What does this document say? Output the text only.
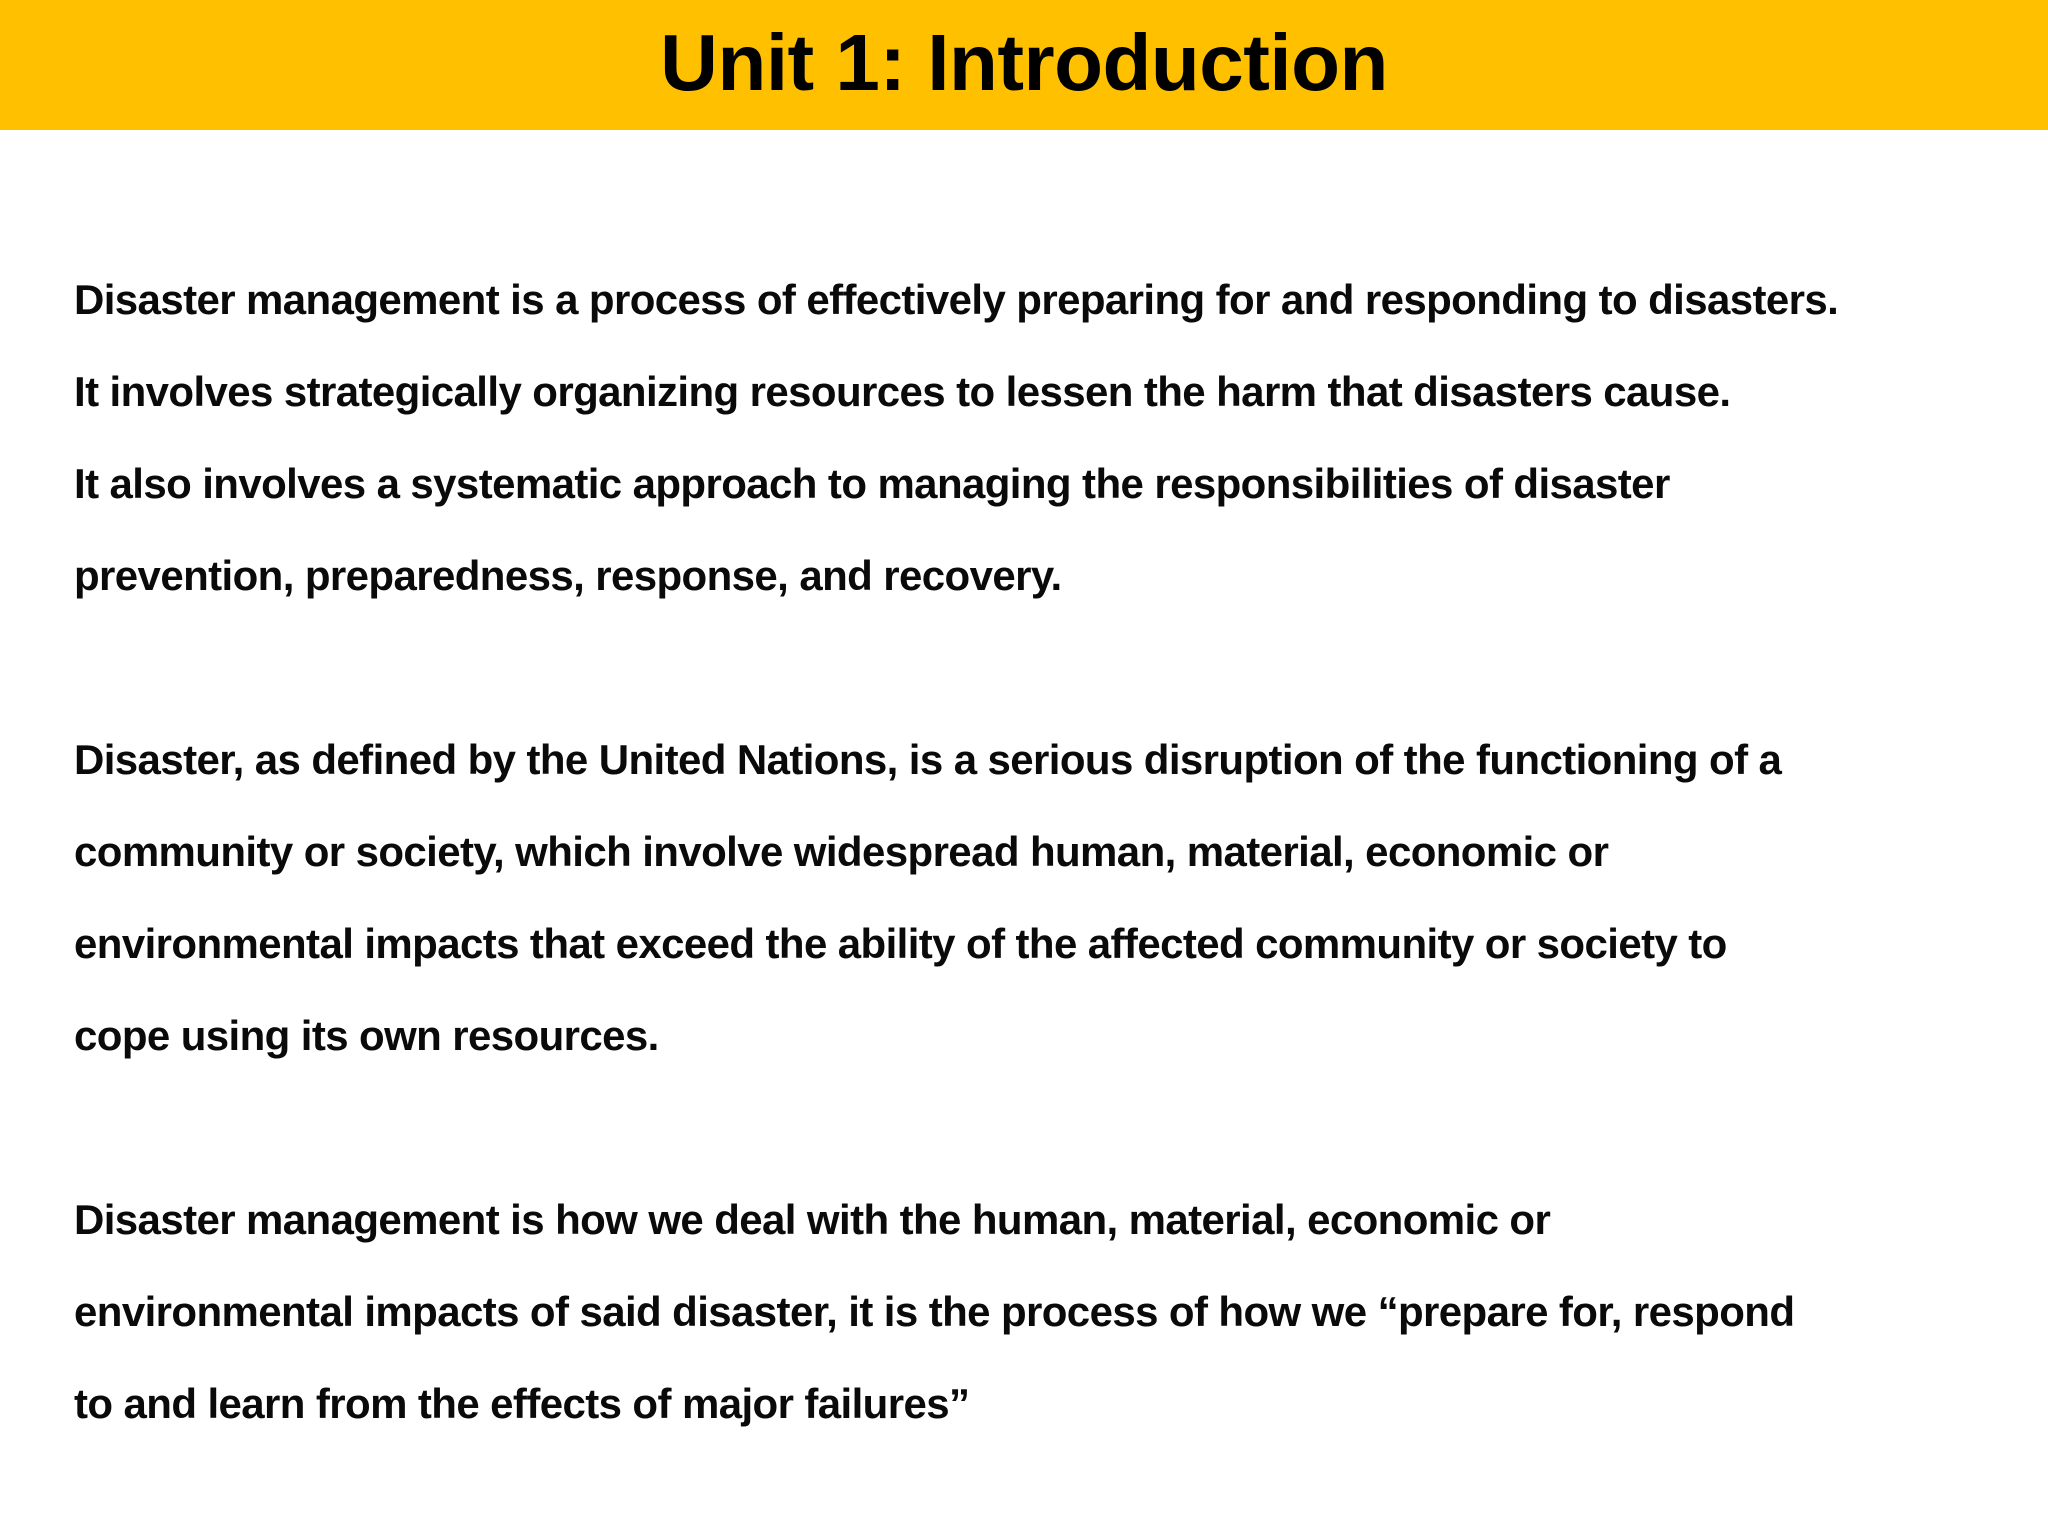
Unit 1: Introduction

Disaster management is a process of effectively preparing for and responding to disasters.
It involves strategically organizing resources to lessen the harm that disasters cause.
It also involves a systematic approach to managing the responsibilities of disaster
prevention, preparedness, response, and recovery.

Disaster, as defined by the United Nations, is a serious disruption of the functioning of a
community or society, which involve widespread human, material, economic or
environmental impacts that exceed the ability of the affected community or society to
cope using its own resources.

Disaster management is how we deal with the human, material, economic or
environmental impacts of said disaster, it is the process of how we “prepare for, respond
to and learn from the effects of major failures”
